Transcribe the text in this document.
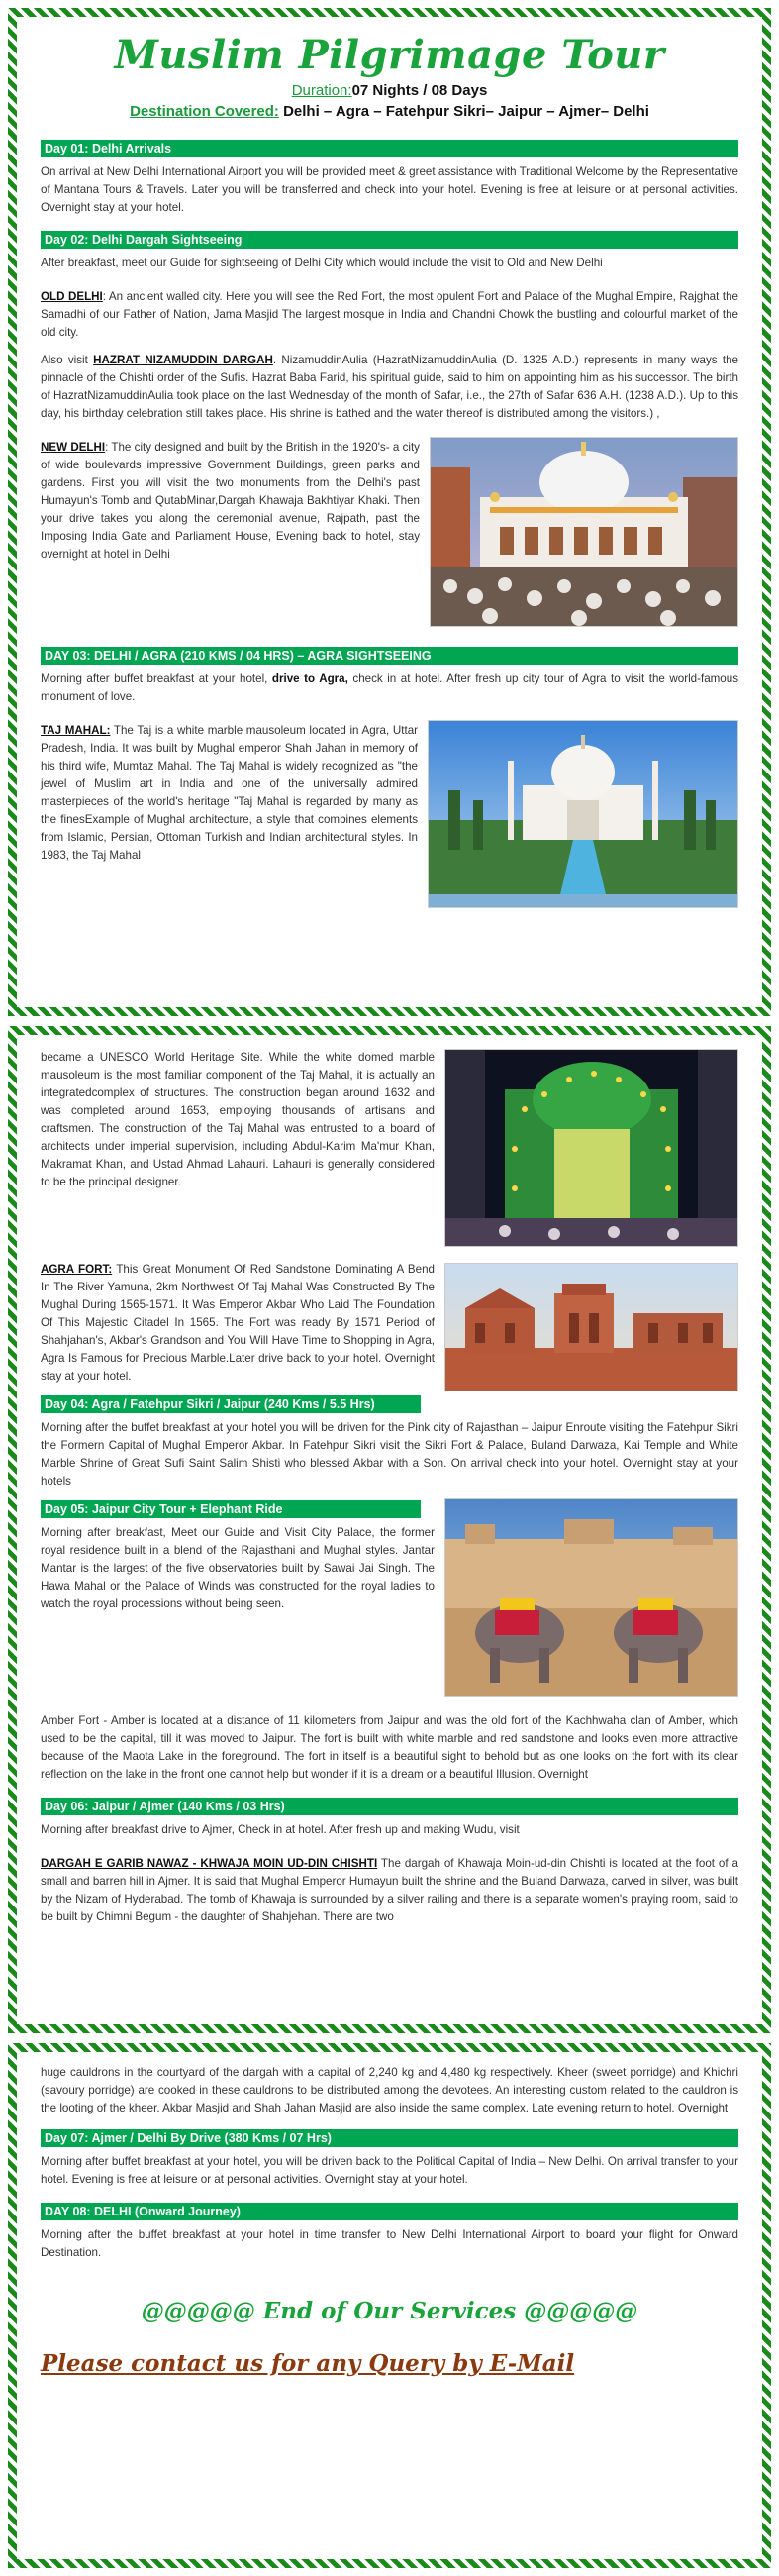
Muslim Pilgrimage Tour
Duration:07 Nights / 08 Days
Destination Covered: Delhi – Agra – Fatehpur Sikri– Jaipur – Ajmer– Delhi
Day 01: Delhi Arrivals

On arrival at New Delhi International Airport you will be provided meet & greet assistance with Traditional Welcome by the Representative of Mantana Tours & Travels. Later you will be transferred and check into your hotel. Evening is free at leisure or at personal activities. Overnight stay at your hotel.

Day 02: Delhi Dargah Sightseeing

After breakfast, meet our Guide for sightseeing of Delhi City which would include the visit to Old and New Delhi

OLD DELHI: An ancient walled city. Here you will see the Red Fort, the most opulent Fort and Palace of the Mughal Empire, Rajghat the Samadhi of our Father of Nation, Jama Masjid The largest mosque in India and Chandni Chowk the bustling and colourful market of the old city.

Also visit HAZRAT NIZAMUDDIN DARGAH. NizamuddinAulia (HazratNizamuddinAulia (D. 1325 A.D.) represents in many ways the pinnacle of the Chishti order of the Sufis. Hazrat Baba Farid, his spiritual guide, said to him on appointing him as his successor. The birth of HazratNizamuddinAulia took place on the last Wednesday of the month of Safar, i.e., the 27th of Safar 636 A.H. (1238 A.D.). Up to this day, his birthday celebration still takes place. His shrine is bathed and the water thereof is distributed among the visitors.) ,

NEW DELHI: The city designed and built by the British in the 1920's- a city of wide boulevards impressive Government Buildings, green parks and gardens. First you will visit the two monuments from the Delhi's past Humayun's Tomb and QutabMinar,Dargah Khawaja Bakhtiyar Khaki. Then your drive takes you along the ceremonial avenue, Rajpath, past the Imposing India Gate and Parliament House, Evening back to hotel, stay overnight at hotel in Delhi

DAY 03: DELHI / AGRA (210 KMS / 04 HRS) – AGRA SIGHTSEEING

Morning after buffet breakfast at your hotel, drive to Agra, check in at hotel. After fresh up city tour of Agra to visit the world-famous monument of love.

TAJ MAHAL: The Taj is a white marble mausoleum located in Agra, Uttar Pradesh, India. It was built by Mughal emperor Shah Jahan in memory of his third wife, Mumtaz Mahal. The Taj Mahal is widely recognized as "the jewel of Muslim art in India and one of the universally admired masterpieces of the world's heritage "Taj Mahal is regarded by many as the finesExample of Mughal architecture, a style that combines elements from Islamic, Persian, Ottoman Turkish and Indian architectural styles. In 1983, the Taj Mahal

became a UNESCO World Heritage Site. While the white domed marble mausoleum is the most familiar component of the Taj Mahal, it is actually an integratedcomplex of structures. The construction began around 1632 and was completed around 1653, employing thousands of artisans and craftsmen. The construction of the Taj Mahal was entrusted to a board of architects under imperial supervision, including Abdul-Karim Ma'mur Khan, Makramat Khan, and Ustad Ahmad Lahauri. Lahauri is generally considered to be the principal designer.

AGRA FORT: This Great Monument Of Red Sandstone Dominating A Bend In The River Yamuna, 2km Northwest Of Taj Mahal Was Constructed By The Mughal During 1565-1571. It Was Emperor Akbar Who Laid The Foundation Of This Majestic Citadel In 1565. The Fort was ready By 1571 Period of Shahjahan's, Akbar's Grandson and You Will Have Time to Shopping in Agra, Agra Is Famous for Precious Marble.Later drive back to your hotel. Overnight stay at your hotel.

Day 04: Agra / Fatehpur Sikri / Jaipur (240 Kms / 5.5 Hrs)

Morning after the buffet breakfast at your hotel you will be driven for the Pink city of Rajasthan – Jaipur Enroute visiting the Fatehpur Sikri the Formern Capital of Mughal Emperor Akbar. In Fatehpur Sikri visit the Sikri Fort & Palace, Buland Darwaza, Kai Temple and White Marble Shrine of Great Sufi Saint Salim Shisti who blessed Akbar with a Son. On arrival check into your hotel. Overnight stay at your hotels

Day 05: Jaipur City Tour + Elephant Ride

Morning after breakfast, Meet our Guide and Visit City Palace, the former royal residence built in a blend of the Rajasthani and Mughal styles. Jantar Mantar is the largest of the five observatories built by Sawai Jai Singh. The Hawa Mahal or the Palace of Winds was constructed for the royal ladies to watch the royal processions without being seen.

Amber Fort - Amber is located at a distance of 11 kilometers from Jaipur and was the old fort of the Kachhwaha clan of Amber, which used to be the capital, till it was moved to Jaipur. The fort is built with white marble and red sandstone and looks even more attractive because of the Maota Lake in the foreground. The fort in itself is a beautiful sight to behold but as one looks on the fort with its clear reflection on the lake in the front one cannot help but wonder if it is a dream or a beautiful Illusion. Overnight

Day 06: Jaipur / Ajmer (140 Kms / 03 Hrs)

Morning after breakfast drive to Ajmer, Check in at hotel. After fresh up and making Wudu, visit

DARGAH E GARIB NAWAZ - KHWAJA MOIN UD-DIN CHISHTI The dargah of Khawaja Moin-ud-din Chishti is located at the foot of a small and barren hill in Ajmer. It is said that Mughal Emperor Humayun built the shrine and the Buland Darwaza, carved in silver, was built by the Nizam of Hyderabad. The tomb of Khawaja is surrounded by a silver railing and there is a separate women's praying room, said to be built by Chimni Begum - the daughter of Shahjehan. There are two

huge cauldrons in the courtyard of the dargah with a capital of 2,240 kg and 4,480 kg respectively. Kheer (sweet porridge) and Khichri (savoury porridge) are cooked in these cauldrons to be distributed among the devotees. An interesting custom related to the cauldron is the looting of the kheer. Akbar Masjid and Shah Jahan Masjid are also inside the same complex. Late evening return to hotel. Overnight

Day 07: Ajmer / Delhi By Drive (380 Kms / 07 Hrs)

Morning after buffet breakfast at your hotel, you will be driven back to the Political Capital of India – New Delhi. On arrival transfer to your hotel. Evening is free at leisure or at personal activities. Overnight stay at your hotel.

DAY 08: DELHI (Onward Journey)

Morning after the buffet breakfast at your hotel in time transfer to New Delhi International Airport to board your flight for Onward Destination.

@@@@@ End of Our Services @@@@@
Please contact us for any Query by E-Mail
